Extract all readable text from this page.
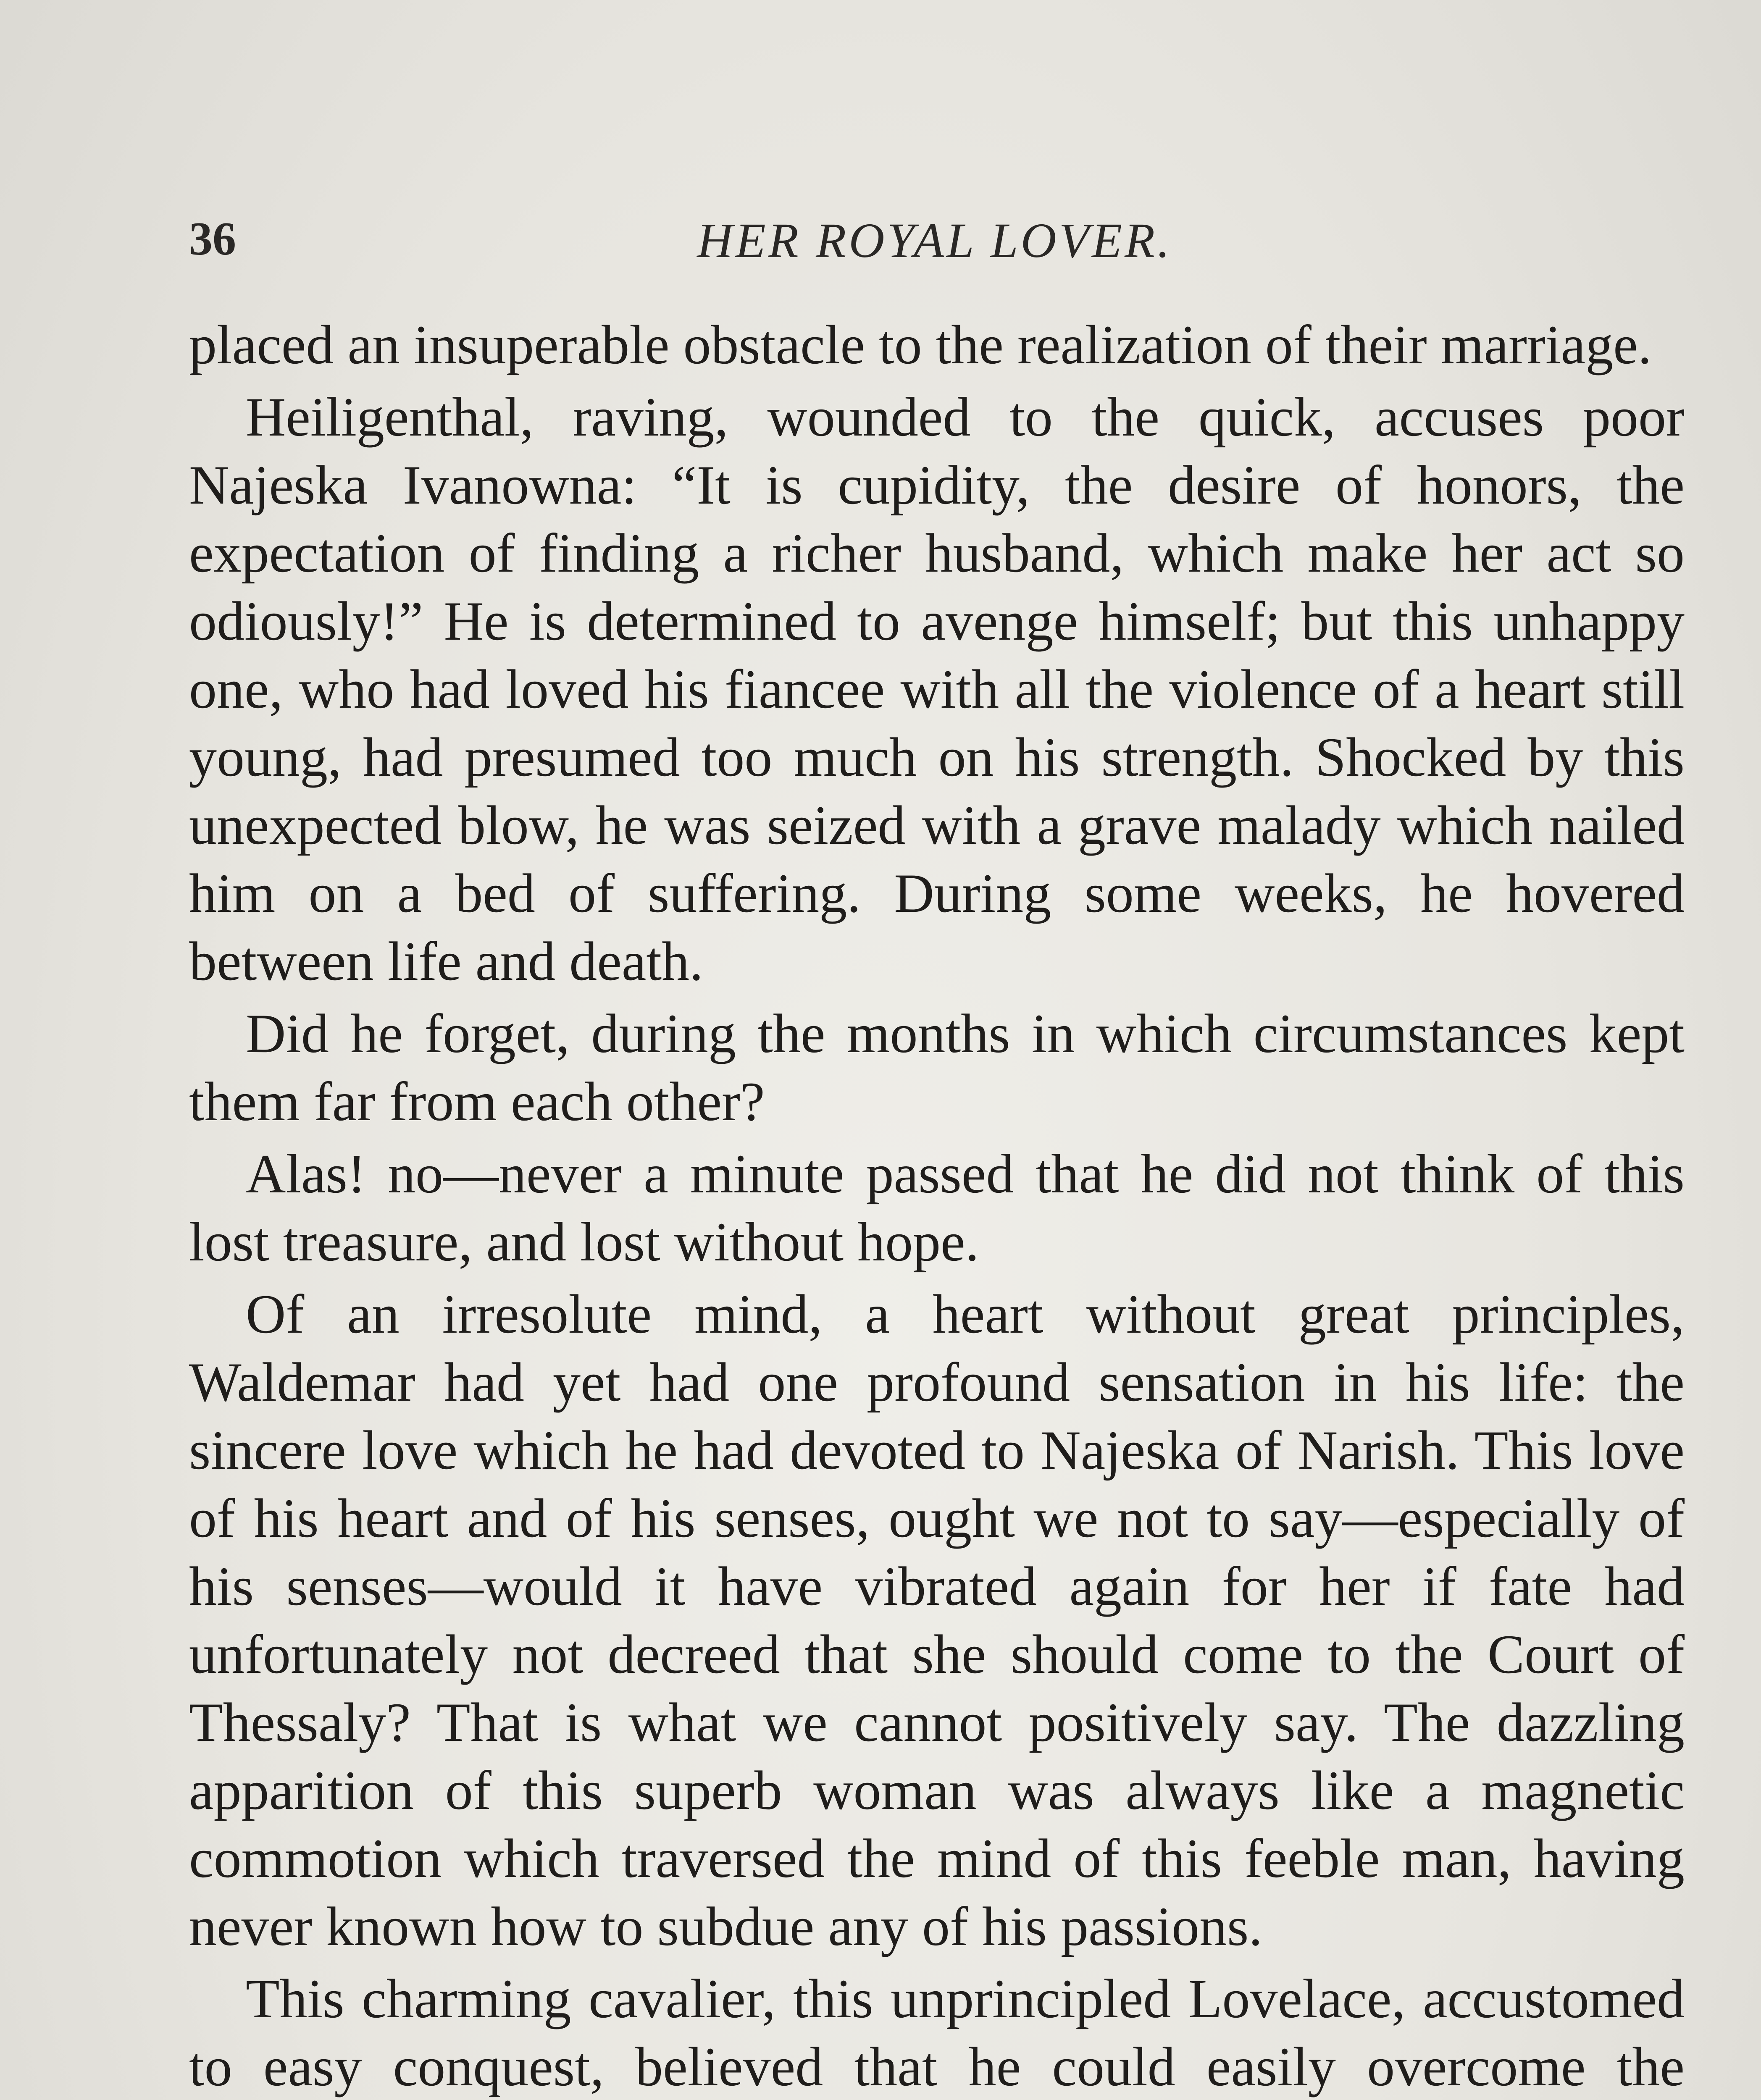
36	HER ROYAL LOVER.

placed an insuperable obstacle to the realization of their marriage.

Heiligenthal, raving, wounded to the quick, accuses poor Najeska Ivanowna: “It is cupidity, the desire of honors, the expectation of finding a richer husband, which make her act so odiously!” He is determined to avenge himself; but this unhappy one, who had loved his fiancee with all the violence of a heart still young, had presumed too much on his strength. Shocked by this unexpected blow, he was seized with a grave malady which nailed him on a bed of suffering. During some weeks, he hovered between life and death.

Did he forget, during the months in which circumstances kept them far from each other?

Alas! no—never a minute passed that he did not think of this lost treasure, and lost without hope.

Of an irresolute mind, a heart without great principles, Waldemar had yet had one profound sensation in his life: the sincere love which he had devoted to Najeska of Narish. This love of his heart and of his senses, ought we not to say—especially of his senses—would it have vibrated again for her if fate had unfortunately not decreed that she should come to the Court of Thessaly? That is what we cannot positively say. The dazzling apparition of this superb woman was always like a magnetic commotion which traversed the mind of this feeble man, having never known how to subdue any of his passions.

This charming cavalier, this unprincipled Lovelace, accustomed to easy conquest, believed that he could easily overcome the
